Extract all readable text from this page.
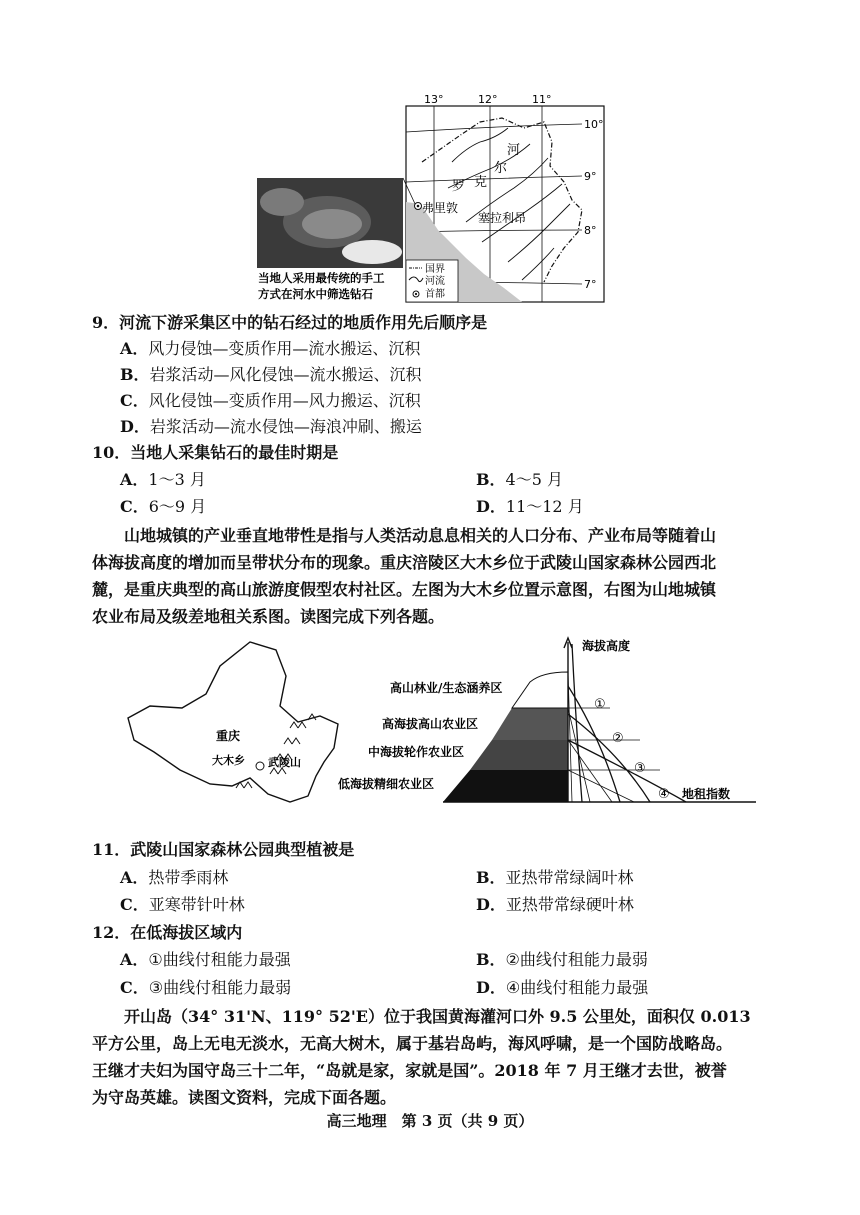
13°	12°	11°
10°
9°
8°
7°
河
尔
罗 克
弗里敦
塞拉利昂
国界
河流
首都
当地人采用最传统的手工
方式在河水中筛选钻石
9．河流下游采集区中的钻石经过的地质作用先后顺序是
A．风力侵蚀—变质作用—流水搬运、沉积
B．岩浆活动—风化侵蚀—流水搬运、沉积
C．风化侵蚀—变质作用—风力搬运、沉积
D．岩浆活动—流水侵蚀—海浪冲刷、搬运
10．当地人采集钻石的最佳时期是
A．1～3 月	B．4～5 月
C．6～9 月	D．11～12 月

山地城镇的产业垂直地带性是指与人类活动息息相关的人口分布、产业布局等随着山

体海拔高度的增加而呈带状分布的现象。重庆涪陵区大木乡位于武陵山国家森林公园西北
麓，是重庆典型的高山旅游度假型农村社区。左图为大木乡位置示意图，右图为山地城镇
农业布局及级差地租关系图。读图完成下列各题。
重庆
大木乡 武陵山
①
②
③
④
海拔高度
地租指数
高山林业/生态涵养区
高海拔高山农业区
中海拔轮作农业区
低海拔精细农业区
11．武陵山国家森林公园典型植被是
A．热带季雨林	B．亚热带常绿阔叶林
C．亚寒带针叶林	D．亚热带常绿硬叶林
12．在低海拔区域内
A．①曲线付租能力最强	B．②曲线付租能力最弱
C．③曲线付租能力最弱	D．④曲线付租能力最强

开山岛（34° 31'N、119° 52'E）位于我国黄海灌河口外 9.5 公里处，面积仅 0.013

平方公里，岛上无电无淡水，无高大树木，属于基岩岛屿，海风呼啸，是一个国防战略岛。
王继才夫妇为国守岛三十二年，“岛就是家，家就是国”。2018 年 7 月王继才去世，被誉
为守岛英雄。读图文资料，完成下面各题。
高三地理　第 3 页（共 9 页）
